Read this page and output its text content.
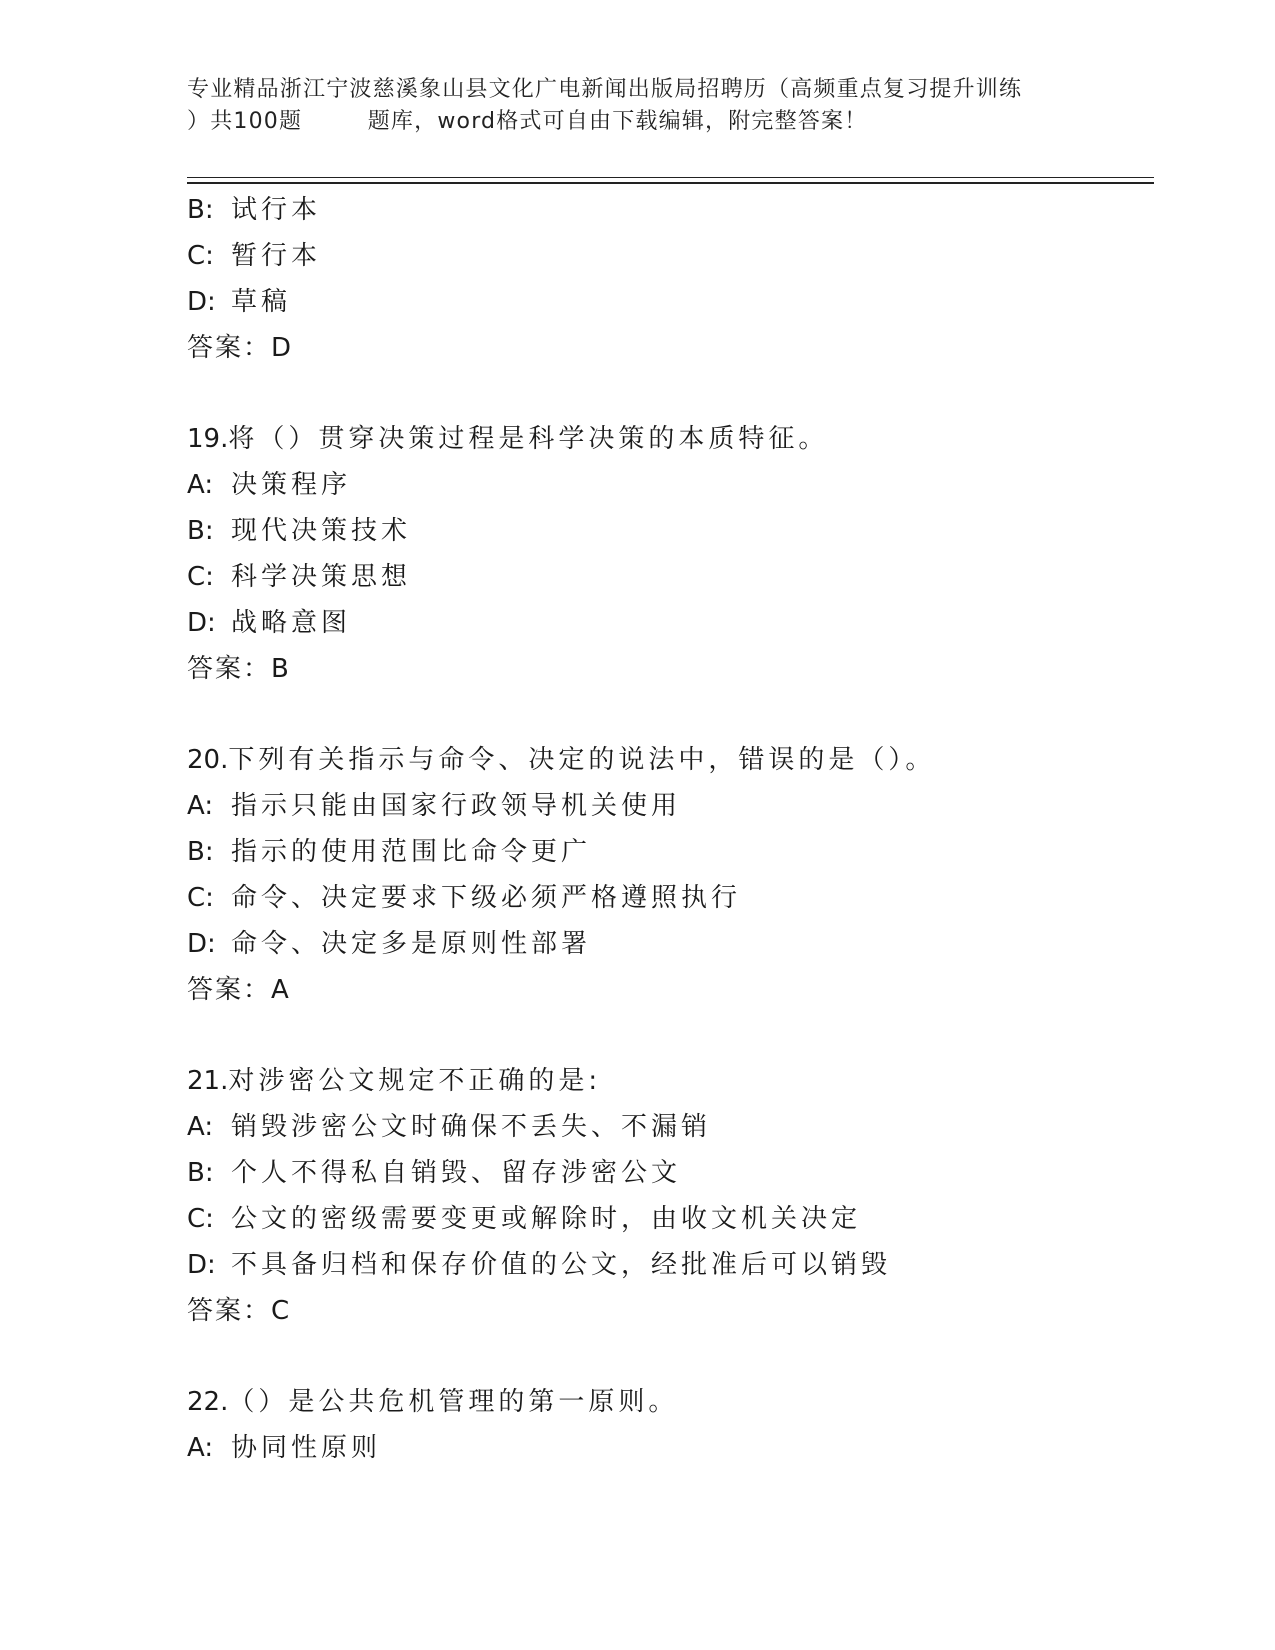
专业精品浙江宁波慈溪象山县文化广电新闻出版局招聘历（高频重点复习提升训练
）共100题        题库，word格式可自由下载编辑，附完整答案！
B: 试行本
C: 暂行本
D: 草稿
答案：D
19.将（）贯穿决策过程是科学决策的本质特征。
A: 决策程序
B: 现代决策技术
C: 科学决策思想
D: 战略意图
答案：B
20.下列有关指示与命令、决定的说法中，错误的是（）。
A: 指示只能由国家行政领导机关使用
B: 指示的使用范围比命令更广
C: 命令、决定要求下级必须严格遵照执行
D: 命令、决定多是原则性部署
答案：A
21.对涉密公文规定不正确的是:
A: 销毁涉密公文时确保不丢失、不漏销
B: 个人不得私自销毁、留存涉密公文
C: 公文的密级需要变更或解除时，由收文机关决定
D: 不具备归档和保存价值的公文，经批准后可以销毁
答案：C
22.（）是公共危机管理的第一原则。
A: 协同性原则
